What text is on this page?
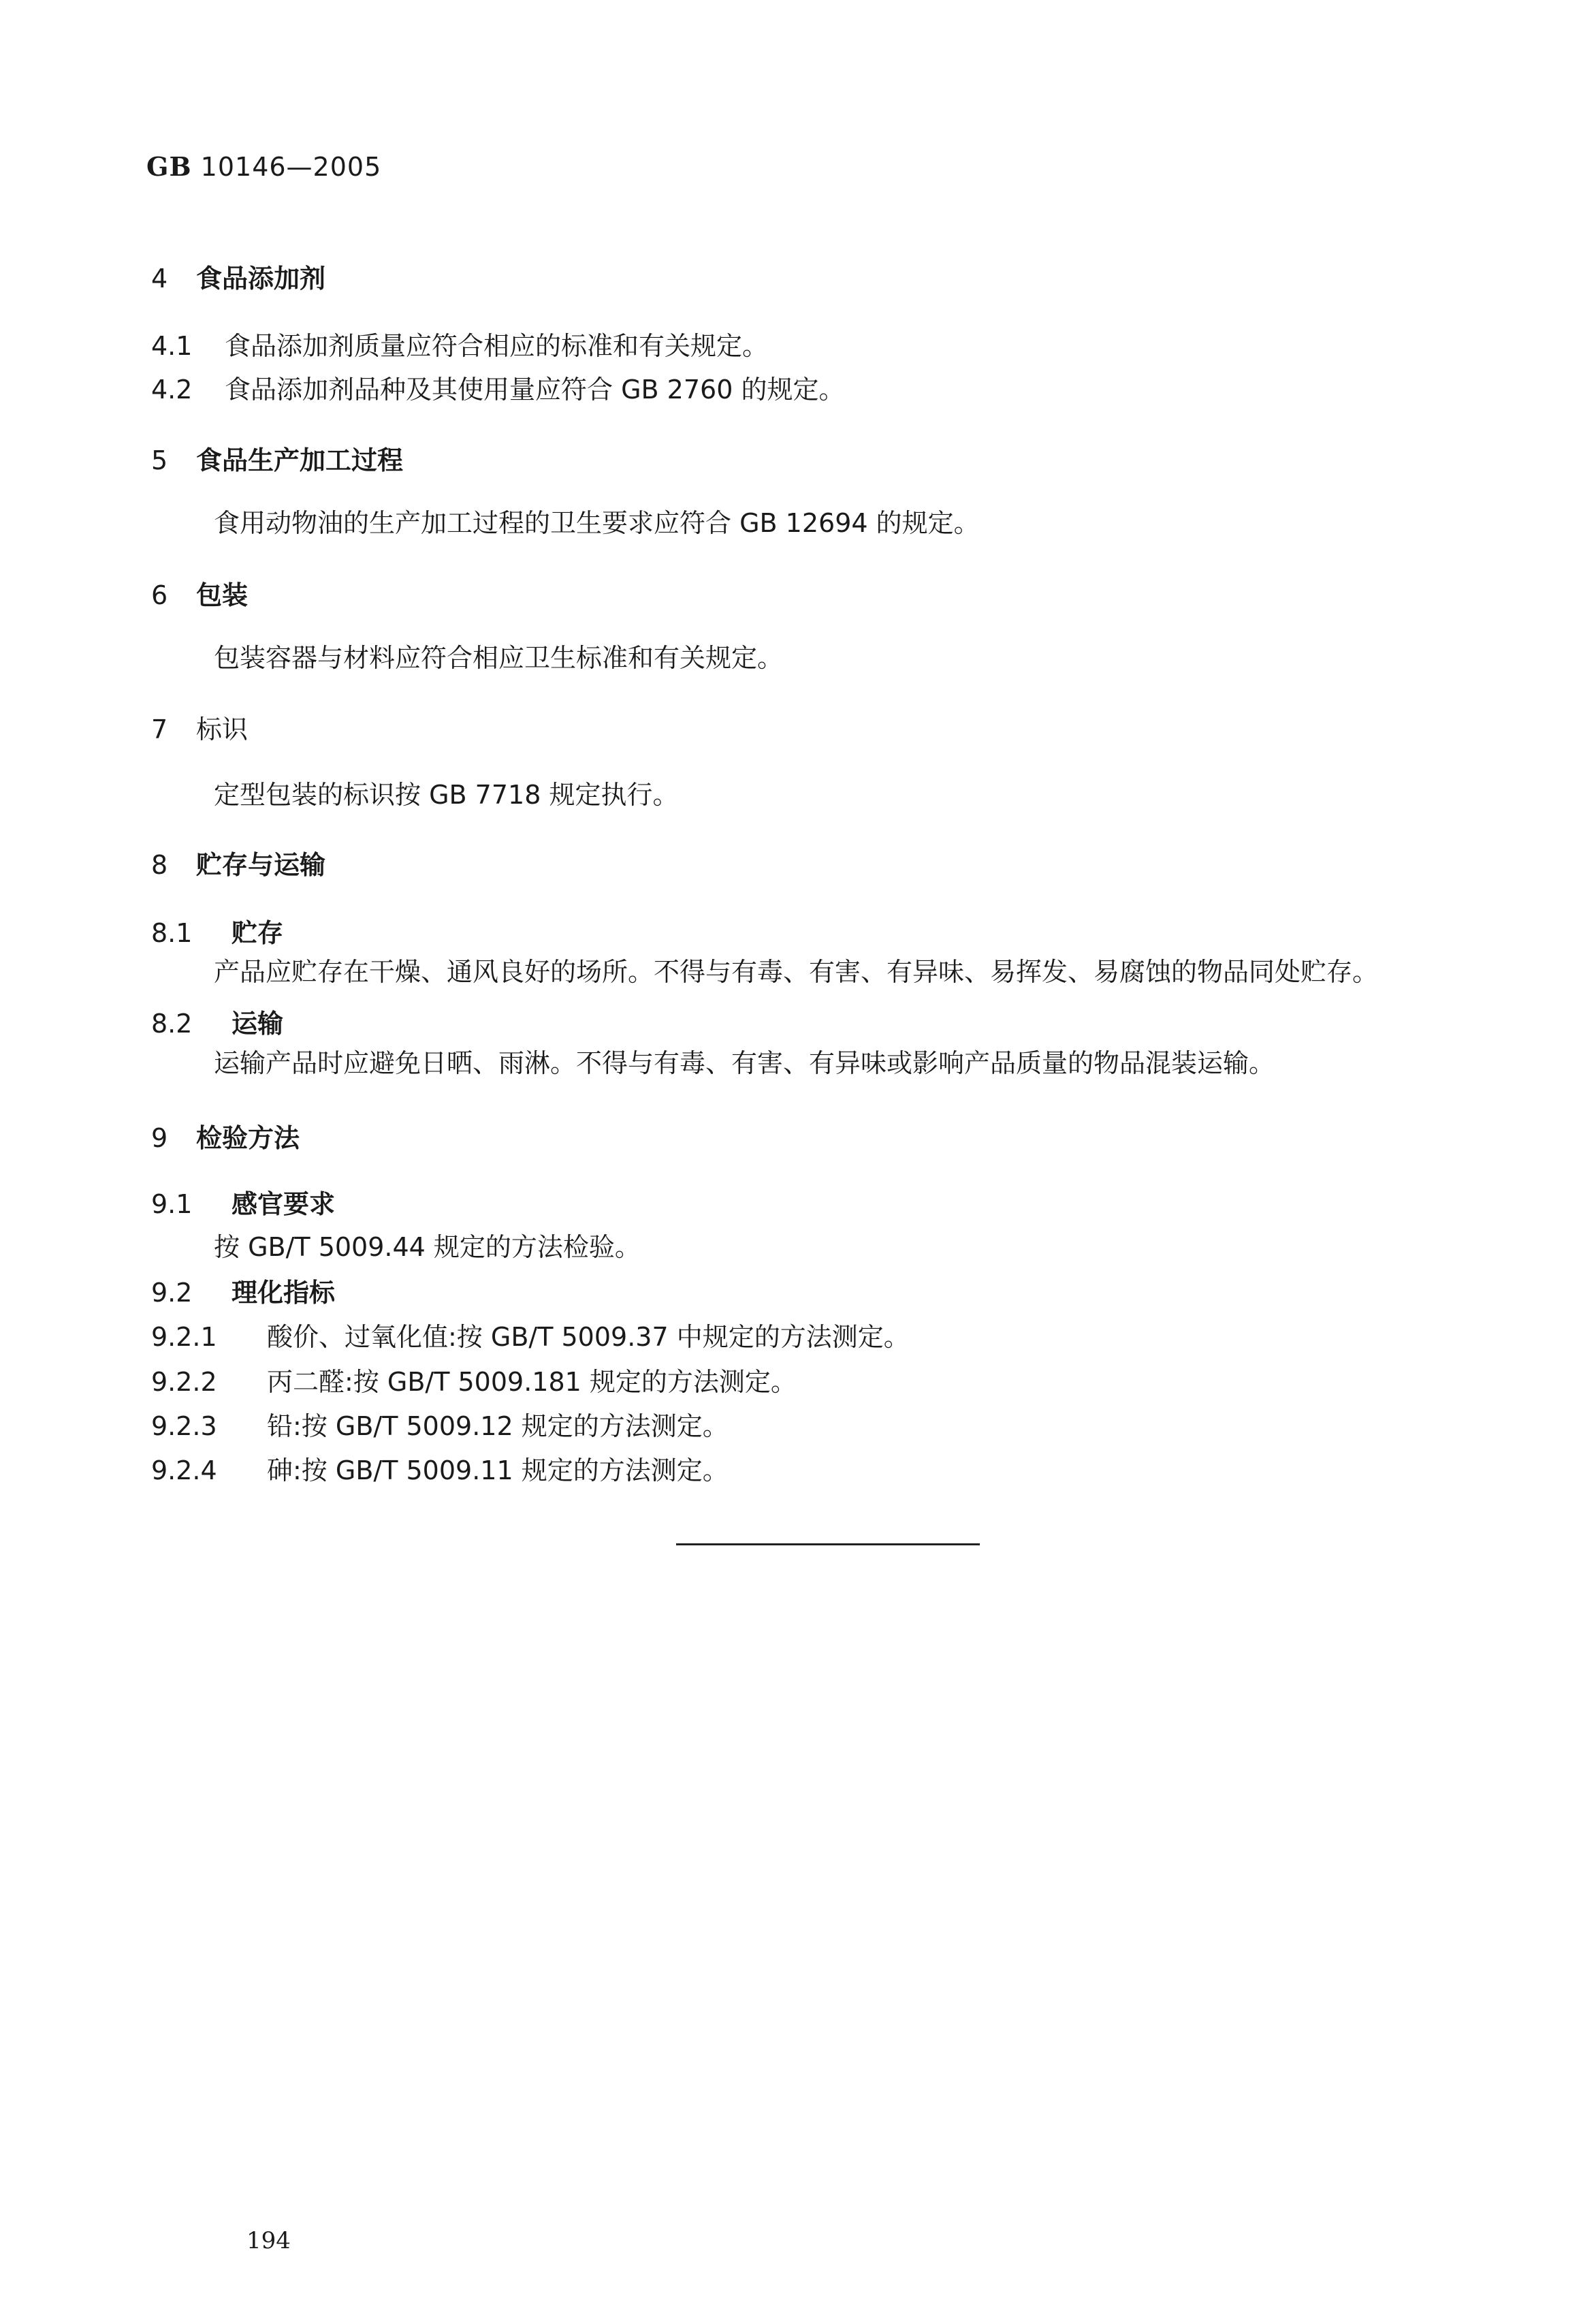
GB 10146—2005
4 食品添加剂
4.1 食品添加剂质量应符合相应的标准和有关规定。
4.2 食品添加剂品种及其使用量应符合 GB 2760 的规定。
5 食品生产加工过程
食用动物油的生产加工过程的卫生要求应符合 GB 12694 的规定。
6 包装
包装容器与材料应符合相应卫生标准和有关规定。
7 标识
定型包装的标识按 GB 7718 规定执行。
8 贮存与运输
8.1 贮存
产品应贮存在干燥、通风良好的场所。不得与有毒、有害、有异味、易挥发、易腐蚀的物品同处贮存。
8.2 运输
运输产品时应避免日晒、雨淋。不得与有毒、有害、有异味或影响产品质量的物品混装运输。
9 检验方法
9.1 感官要求
按 GB/T 5009.44 规定的方法检验。
9.2 理化指标
9.2.1 酸价、过氧化值:按 GB/T 5009.37 中规定的方法测定。
9.2.2 丙二醛:按 GB/T 5009.181 规定的方法测定。
9.2.3 铅:按 GB/T 5009.12 规定的方法测定。
9.2.4 砷:按 GB/T 5009.11 规定的方法测定。
194
